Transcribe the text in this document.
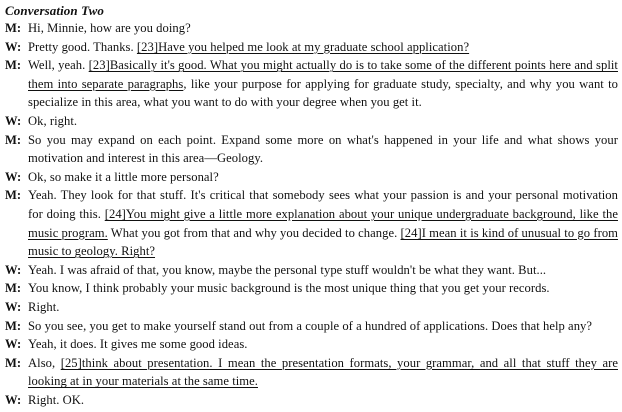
Conversation Two
M: Hi, Minnie, how are you doing?
W: Pretty good. Thanks. [23]Have you helped me look at my graduate school application?
M: Well, yeah. [23]Basically it's good. What you might actually do is to take some of the different points here and split them into separate paragraphs, like your purpose for applying for graduate study, specialty, and why you want to specialize in this area, what you want to do with your degree when you get it.
W: Ok, right.
M: So you may expand on each point. Expand some more on what's happened in your life and what shows your motivation and interest in this area—Geology.
W: Ok, so make it a little more personal?
M: Yeah. They look for that stuff. It's critical that somebody sees what your passion is and your personal motivation for doing this. [24]You might give a little more explanation about your unique undergraduate background, like the music program. What you got from that and why you decided to change. [24]I mean it is kind of unusual to go from music to geology. Right?
W: Yeah. I was afraid of that, you know, maybe the personal type stuff wouldn't be what they want. But...
M: You know, I think probably your music background is the most unique thing that you get your records.
W: Right.
M: So you see, you get to make yourself stand out from a couple of a hundred of applications. Does that help any?
W: Yeah, it does. It gives me some good ideas.
M: Also, [25]think about presentation. I mean the presentation formats, your grammar, and all that stuff they are looking at in your materials at the same time.
W: Right. OK.
